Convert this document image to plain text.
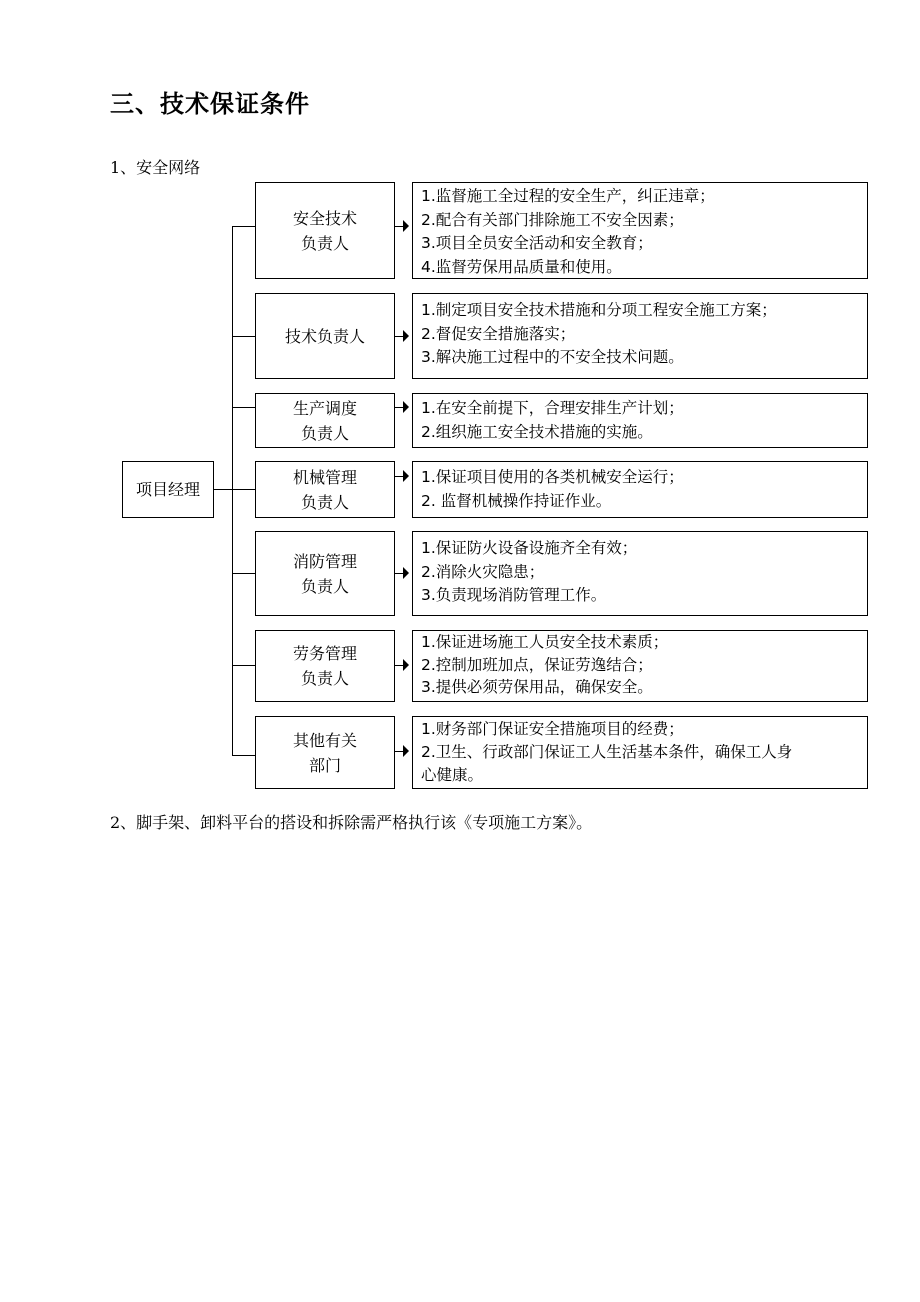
三、技术保证条件
1、安全网络
项目经理
安全技术
负责人
1.监督施工全过程的安全生产，纠正违章；
2.配合有关部门排除施工不安全因素；
3.项目全员安全活动和安全教育；
4.监督劳保用品质量和使用。
技术负责人
1.制定项目安全技术措施和分项工程安全施工方案；
2.督促安全措施落实；
3.解决施工过程中的不安全技术问题。
生产调度
负责人
1.在安全前提下，合理安排生产计划；
2.组织施工安全技术措施的实施。
机械管理
负责人
1.保证项目使用的各类机械安全运行；
2. 监督机械操作持证作业。
消防管理
负责人
1.保证防火设备设施齐全有效；
2.消除火灾隐患；
3.负责现场消防管理工作。
劳务管理
负责人
1.保证进场施工人员安全技术素质；
2.控制加班加点，保证劳逸结合；
3.提供必须劳保用品，确保安全。
其他有关
部门
1.财务部门保证安全措施项目的经费；
2.卫生、行政部门保证工人生活基本条件，确保工人身
心健康。
2、脚手架、卸料平台的搭设和拆除需严格执行该《专项施工方案》。
